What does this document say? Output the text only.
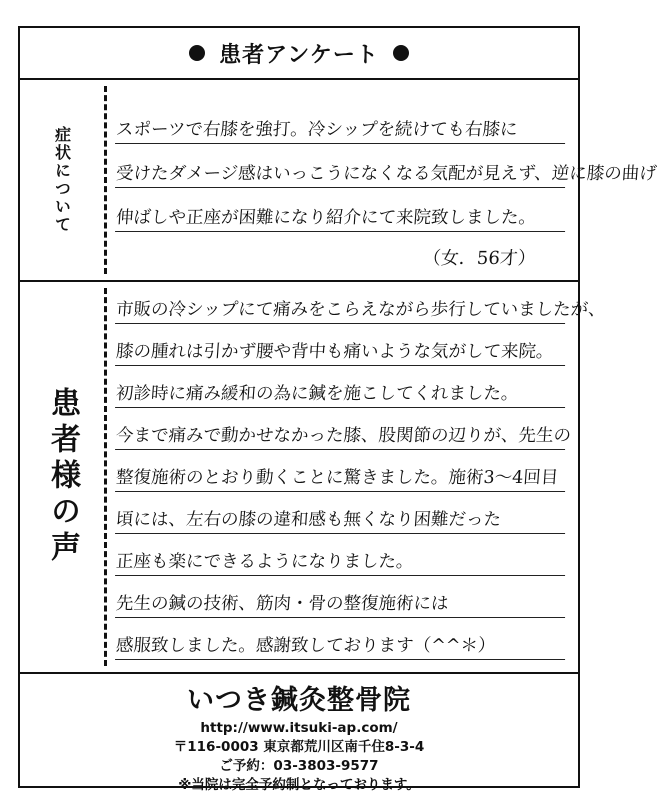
患者アンケート
症状について	スポーツで右膝を強打。冷シップを続けても右膝に
受けたダメージ感はいっこうになくなる気配が見えず、逆に膝の曲げ
伸ばしや正座が困難になり紹介にて来院致しました。
（女．56才）
患者様の声
市販の冷シップにて痛みをこらえながら歩行していましたが、
膝の腫れは引かず腰や背中も痛いような気がして来院。
初診時に痛み緩和の為に鍼を施こしてくれました。
今まで痛みで動かせなかった膝、股関節の辺りが、先生の
整復施術のとおり動くことに驚きました。施術3～4回目
頃には、左右の膝の違和感も無くなり困難だった
正座も楽にできるようになりました。
先生の鍼の技術、筋肉・骨の整復施術には
感服致しました。感謝致しております（^^＊）
いつき鍼灸整骨院
http://www.itsuki-ap.com/
〒116-0003 東京都荒川区南千住8-3-4
ご予約：03-3803-9577
※当院は完全予約制となっております。
